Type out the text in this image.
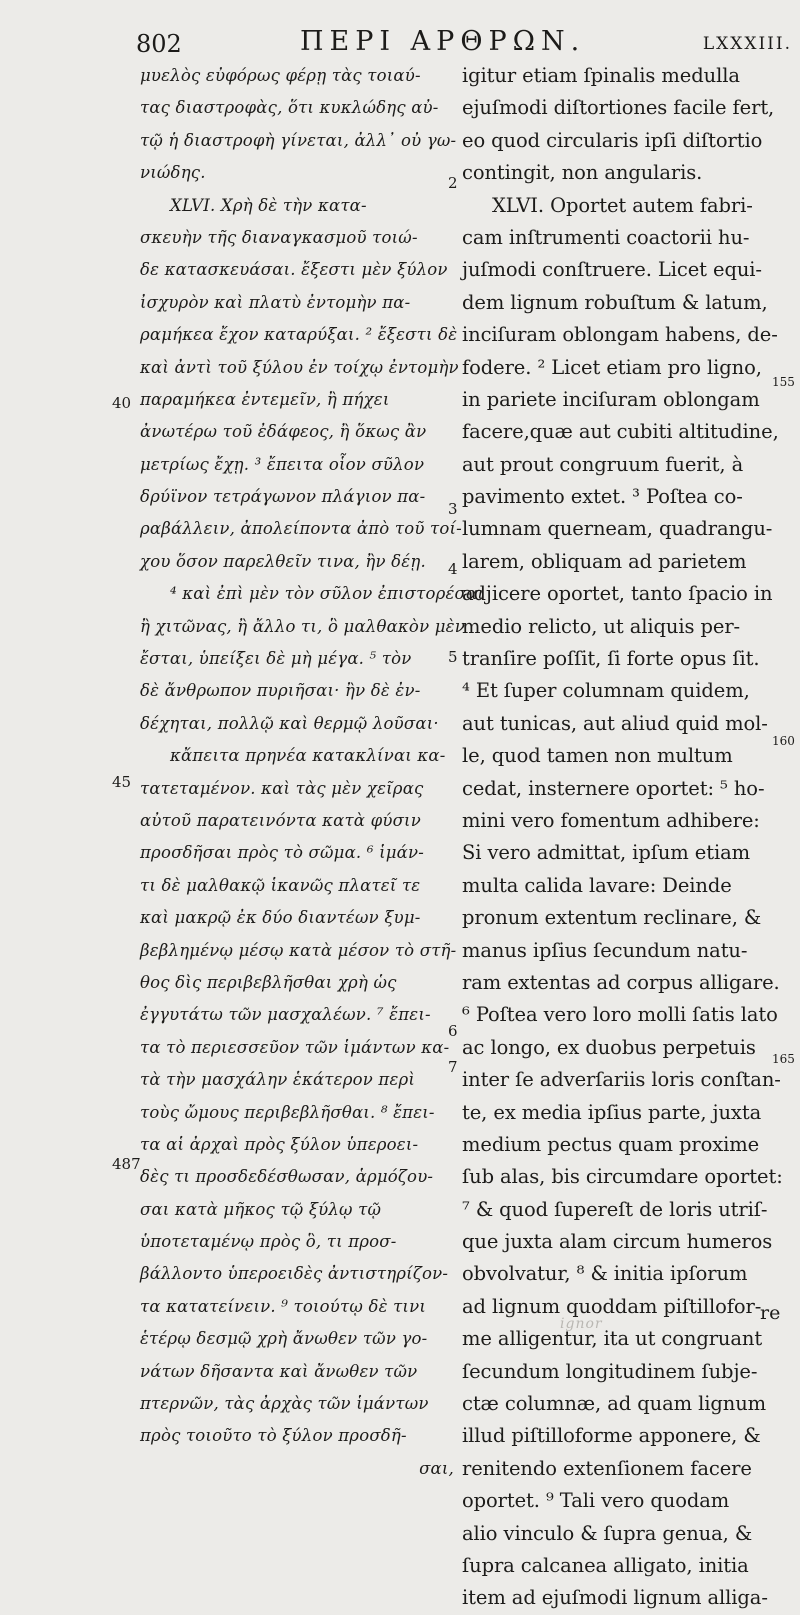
802	ΠΕΡΙ ΑΡΘΡΩΝ.	LXXXIII.
μυελὸς εὐφόρως φέρῃ τὰς τοιαύ-
τας διαστροφὰς, ὅτι κυκλώδης αὐ-
τῷ ἡ διαστροφὴ γίνεται, ἀλλ᾽ οὐ γω-
νιώδης.
XLVI. Χρὴ δὲ τὴν κατα-
σκευὴν τῆς διαναγκασμοῦ τοιώ-
δε κατασκευάσαι. ἔξεστι μὲν ξύλον
ἰσχυρὸν καὶ πλατὺ ἐντομὴν πα-
ραμήκεα ἔχον καταρύξαι. ² ἔξεστι δὲ
καὶ ἀντὶ τοῦ ξύλου ἐν τοίχῳ ἐντομὴν
παραμήκεα ἐντεμεῖν, ἢ πήχει
ἀνωτέρω τοῦ ἐδάφεος, ἢ ὅκως ἂν
μετρίως ἔχῃ. ³ ἔπειτα οἷον σῦλον
δρύϊνον τετράγωνον πλάγιον πα-
ραβάλλειν, ἀπολείποντα ἀπὸ τοῦ τοί-
χου ὅσον παρελθεῖν τινα, ἢν δέῃ.
⁴ καὶ ἐπὶ μὲν τὸν σῦλον ἐπιστορέσαι
ἢ χιτῶνας, ἢ ἄλλο τι, ὃ μαλθακὸν μὲν
ἔσται, ὑπείξει δὲ μὴ μέγα. ⁵ τὸν
δὲ ἄνθρωπον πυριῆσαι· ἢν δὲ ἐν-
δέχηται, πολλῷ καὶ θερμῷ λοῦσαι·
κἄπειτα πρηνέα κατακλίναι κα-
τατεταμένον. καὶ τὰς μὲν χεῖρας
αὐτοῦ παρατεινόντα κατὰ φύσιν
προσδῆσαι πρὸς τὸ σῶμα. ⁶ ἱμάν-
τι δὲ μαλθακῷ ἱκανῶς πλατεῖ τε
καὶ μακρῷ ἐκ δύο διαντέων ξυμ-
βεβλημένῳ μέσῳ κατὰ μέσον τὸ στῆ-
θος δὶς περιβεβλῆσθαι χρὴ ὡς
ἐγγυτάτω τῶν μασχαλέων. ⁷ ἔπει-
τα τὸ περιεσσεῦον τῶν ἱμάντων κα-
τὰ τὴν μασχάλην ἑκάτερον περὶ
τοὺς ὤμους περιβεβλῆσθαι. ⁸ ἔπει-
τα αἱ ἀρχαὶ πρὸς ξύλον ὑπεροει-
δὲς τι προσδεδέσθωσαν, ἁρμόζου-
σαι κατὰ μῆκος τῷ ξύλῳ τῷ
ὑποτεταμένῳ πρὸς ὃ, τι προσ-
βάλλοντο ὑπεροειδὲς ἀντιστηρίζον-
τα κατατείνειν. ⁹ τοιούτῳ δὲ τινι
ἑτέρῳ δεσμῷ χρὴ ἄνωθεν τῶν γο-
νάτων δῆσαντα καὶ ἄνωθεν τῶν
πτερνῶν, τὰς ἀρχὰς τῶν ἱμάντων
πρὸς τοιοῦτο τὸ ξύλον προσδῆ-
σαι,
igitur etiam ſpinalis medulla
ejuſmodi diſtortiones facile fert,
eo quod circularis ipſi diſtortio
contingit, non angularis.
XLVI. Oportet autem fabri-
cam inſtrumenti coactorii hu-
juſmodi conſtruere. Licet equi-
dem lignum robuſtum & latum,
inciſuram oblongam habens, de-
fodere. ² Licet etiam pro ligno,
in pariete inciſuram oblongam
facere,quæ aut cubiti altitudine,
aut prout congruum fuerit, à
pavimento extet. ³ Poſtea co-
lumnam querneam, quadrangu-
larem, obliquam ad parietem
adjicere oportet, tanto ſpacio in
medio relicto, ut aliquis per-
tranſire poſſit, ſi forte opus ſit.
⁴ Et ſuper columnam quidem,
aut tunicas, aut aliud quid mol-
le, quod tamen non multum
cedat, insternere oportet: ⁵ ho-
mini vero fomentum adhibere:
Si vero admittat, ipſum etiam
multa calida lavare: Deinde
pronum extentum reclinare, &
manus ipſius ſecundum natu-
ram extentas ad corpus alligare.
⁶ Poſtea vero loro molli ſatis lato
ac longo, ex duobus perpetuis
inter ſe adverſariis loris conſtan-
te, ex media ipſius parte, juxta
medium pectus quam proxime
ſub alas, bis circumdare oportet:
⁷ & quod ſupereſt de loris utriſ-
que juxta alam circum humeros
obvolvatur, ⁸ & initia ipſorum
ad lignum quoddam piſtillofor-
me alligentur, ita ut congruant
ſecundum longitudinem ſubje-
ctæ columnæ, ad quam lignum
illud piſtilloforme apponere, &
renitendo extenſionem facere
oportet. ⁹ Tali vero quodam
alio vinculo & ſupra genua, &
ſupra calcanea alligato, initia
item ad ejuſmodi lignum alliga-
40
45
487
2
3
4
5
6
7
155
160
165
ignor	re
